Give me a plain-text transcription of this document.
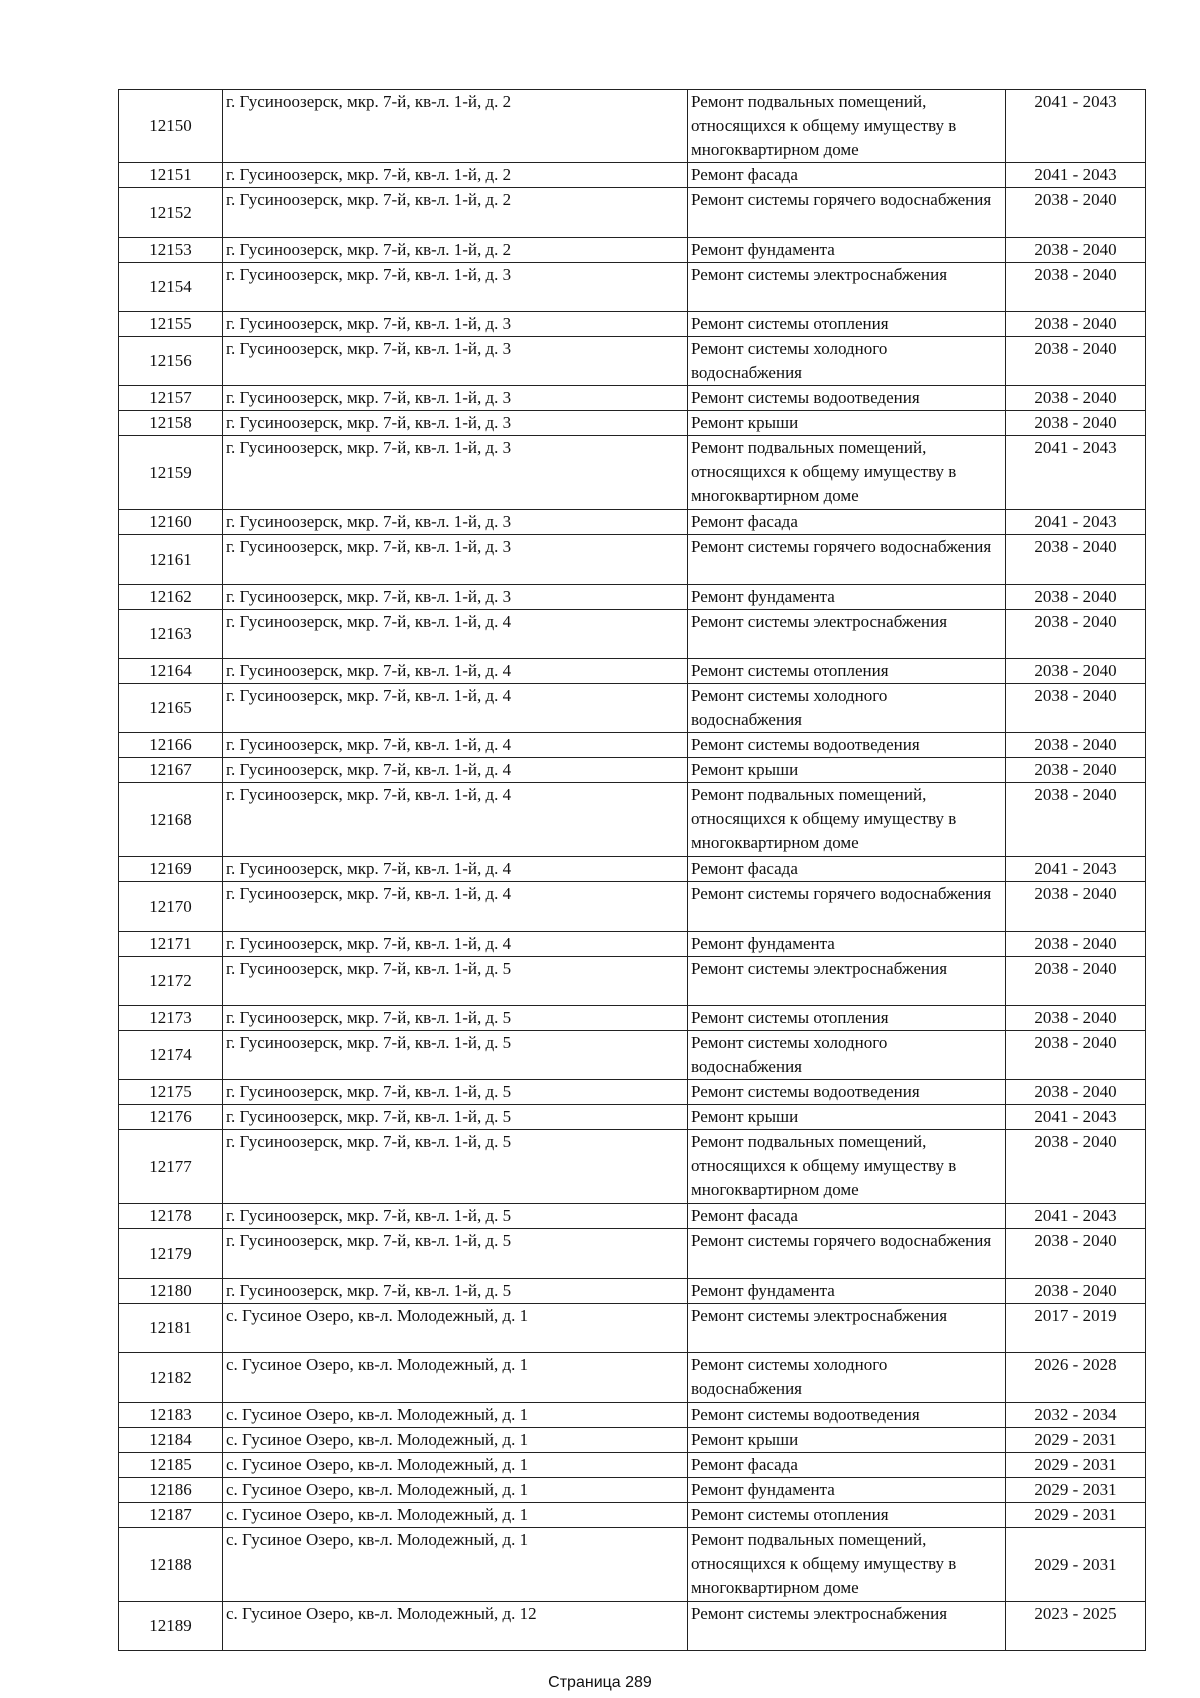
12150	г. Гусиноозерск, мкр. 7-й, кв-л. 1-й, д. 2	Ремонт подвальных помещений, относящихся к общему имуществу в многоквартирном доме	2041 - 2043
12151	г. Гусиноозерск, мкр. 7-й, кв-л. 1-й, д. 2	Ремонт фасада	2041 - 2043
12152	г. Гусиноозерск, мкр. 7-й, кв-л. 1-й, д. 2	Ремонт системы горячего водоснабжения	2038 - 2040
12153	г. Гусиноозерск, мкр. 7-й, кв-л. 1-й, д. 2	Ремонт фундамента	2038 - 2040
12154	г. Гусиноозерск, мкр. 7-й, кв-л. 1-й, д. 3	Ремонт системы электроснабжения	2038 - 2040
12155	г. Гусиноозерск, мкр. 7-й, кв-л. 1-й, д. 3	Ремонт системы отопления	2038 - 2040
12156	г. Гусиноозерск, мкр. 7-й, кв-л. 1-й, д. 3	Ремонт системы холодного водоснабжения	2038 - 2040
12157	г. Гусиноозерск, мкр. 7-й, кв-л. 1-й, д. 3	Ремонт системы водоотведения	2038 - 2040
12158	г. Гусиноозерск, мкр. 7-й, кв-л. 1-й, д. 3	Ремонт крыши	2038 - 2040
12159	г. Гусиноозерск, мкр. 7-й, кв-л. 1-й, д. 3	Ремонт подвальных помещений, относящихся к общему имуществу в многоквартирном доме	2041 - 2043
12160	г. Гусиноозерск, мкр. 7-й, кв-л. 1-й, д. 3	Ремонт фасада	2041 - 2043
12161	г. Гусиноозерск, мкр. 7-й, кв-л. 1-й, д. 3	Ремонт системы горячего водоснабжения	2038 - 2040
12162	г. Гусиноозерск, мкр. 7-й, кв-л. 1-й, д. 3	Ремонт фундамента	2038 - 2040
12163	г. Гусиноозерск, мкр. 7-й, кв-л. 1-й, д. 4	Ремонт системы электроснабжения	2038 - 2040
12164	г. Гусиноозерск, мкр. 7-й, кв-л. 1-й, д. 4	Ремонт системы отопления	2038 - 2040
12165	г. Гусиноозерск, мкр. 7-й, кв-л. 1-й, д. 4	Ремонт системы холодного водоснабжения	2038 - 2040
12166	г. Гусиноозерск, мкр. 7-й, кв-л. 1-й, д. 4	Ремонт системы водоотведения	2038 - 2040
12167	г. Гусиноозерск, мкр. 7-й, кв-л. 1-й, д. 4	Ремонт крыши	2038 - 2040
12168	г. Гусиноозерск, мкр. 7-й, кв-л. 1-й, д. 4	Ремонт подвальных помещений, относящихся к общему имуществу в многоквартирном доме	2038 - 2040
12169	г. Гусиноозерск, мкр. 7-й, кв-л. 1-й, д. 4	Ремонт фасада	2041 - 2043
12170	г. Гусиноозерск, мкр. 7-й, кв-л. 1-й, д. 4	Ремонт системы горячего водоснабжения	2038 - 2040
12171	г. Гусиноозерск, мкр. 7-й, кв-л. 1-й, д. 4	Ремонт фундамента	2038 - 2040
12172	г. Гусиноозерск, мкр. 7-й, кв-л. 1-й, д. 5	Ремонт системы электроснабжения	2038 - 2040
12173	г. Гусиноозерск, мкр. 7-й, кв-л. 1-й, д. 5	Ремонт системы отопления	2038 - 2040
12174	г. Гусиноозерск, мкр. 7-й, кв-л. 1-й, д. 5	Ремонт системы холодного водоснабжения	2038 - 2040
12175	г. Гусиноозерск, мкр. 7-й, кв-л. 1-й, д. 5	Ремонт системы водоотведения	2038 - 2040
12176	г. Гусиноозерск, мкр. 7-й, кв-л. 1-й, д. 5	Ремонт крыши	2041 - 2043
12177	г. Гусиноозерск, мкр. 7-й, кв-л. 1-й, д. 5	Ремонт подвальных помещений, относящихся к общему имуществу в многоквартирном доме	2038 - 2040
12178	г. Гусиноозерск, мкр. 7-й, кв-л. 1-й, д. 5	Ремонт фасада	2041 - 2043
12179	г. Гусиноозерск, мкр. 7-й, кв-л. 1-й, д. 5	Ремонт системы горячего водоснабжения	2038 - 2040
12180	г. Гусиноозерск, мкр. 7-й, кв-л. 1-й, д. 5	Ремонт фундамента	2038 - 2040
12181	с. Гусиное Озеро, кв-л. Молодежный, д. 1	Ремонт системы электроснабжения	2017 - 2019
12182	с. Гусиное Озеро, кв-л. Молодежный, д. 1	Ремонт системы холодного водоснабжения	2026 - 2028
12183	с. Гусиное Озеро, кв-л. Молодежный, д. 1	Ремонт системы водоотведения	2032 - 2034
12184	с. Гусиное Озеро, кв-л. Молодежный, д. 1	Ремонт крыши	2029 - 2031
12185	с. Гусиное Озеро, кв-л. Молодежный, д. 1	Ремонт фасада	2029 - 2031
12186	с. Гусиное Озеро, кв-л. Молодежный, д. 1	Ремонт фундамента	2029 - 2031
12187	с. Гусиное Озеро, кв-л. Молодежный, д. 1	Ремонт системы отопления	2029 - 2031
12188	с. Гусиное Озеро, кв-л. Молодежный, д. 1	Ремонт подвальных помещений, относящихся к общему имуществу в многоквартирном доме	2029 - 2031
12189	с. Гусиное Озеро, кв-л. Молодежный, д. 12	Ремонт системы электроснабжения	2023 - 2025
Страница 289
